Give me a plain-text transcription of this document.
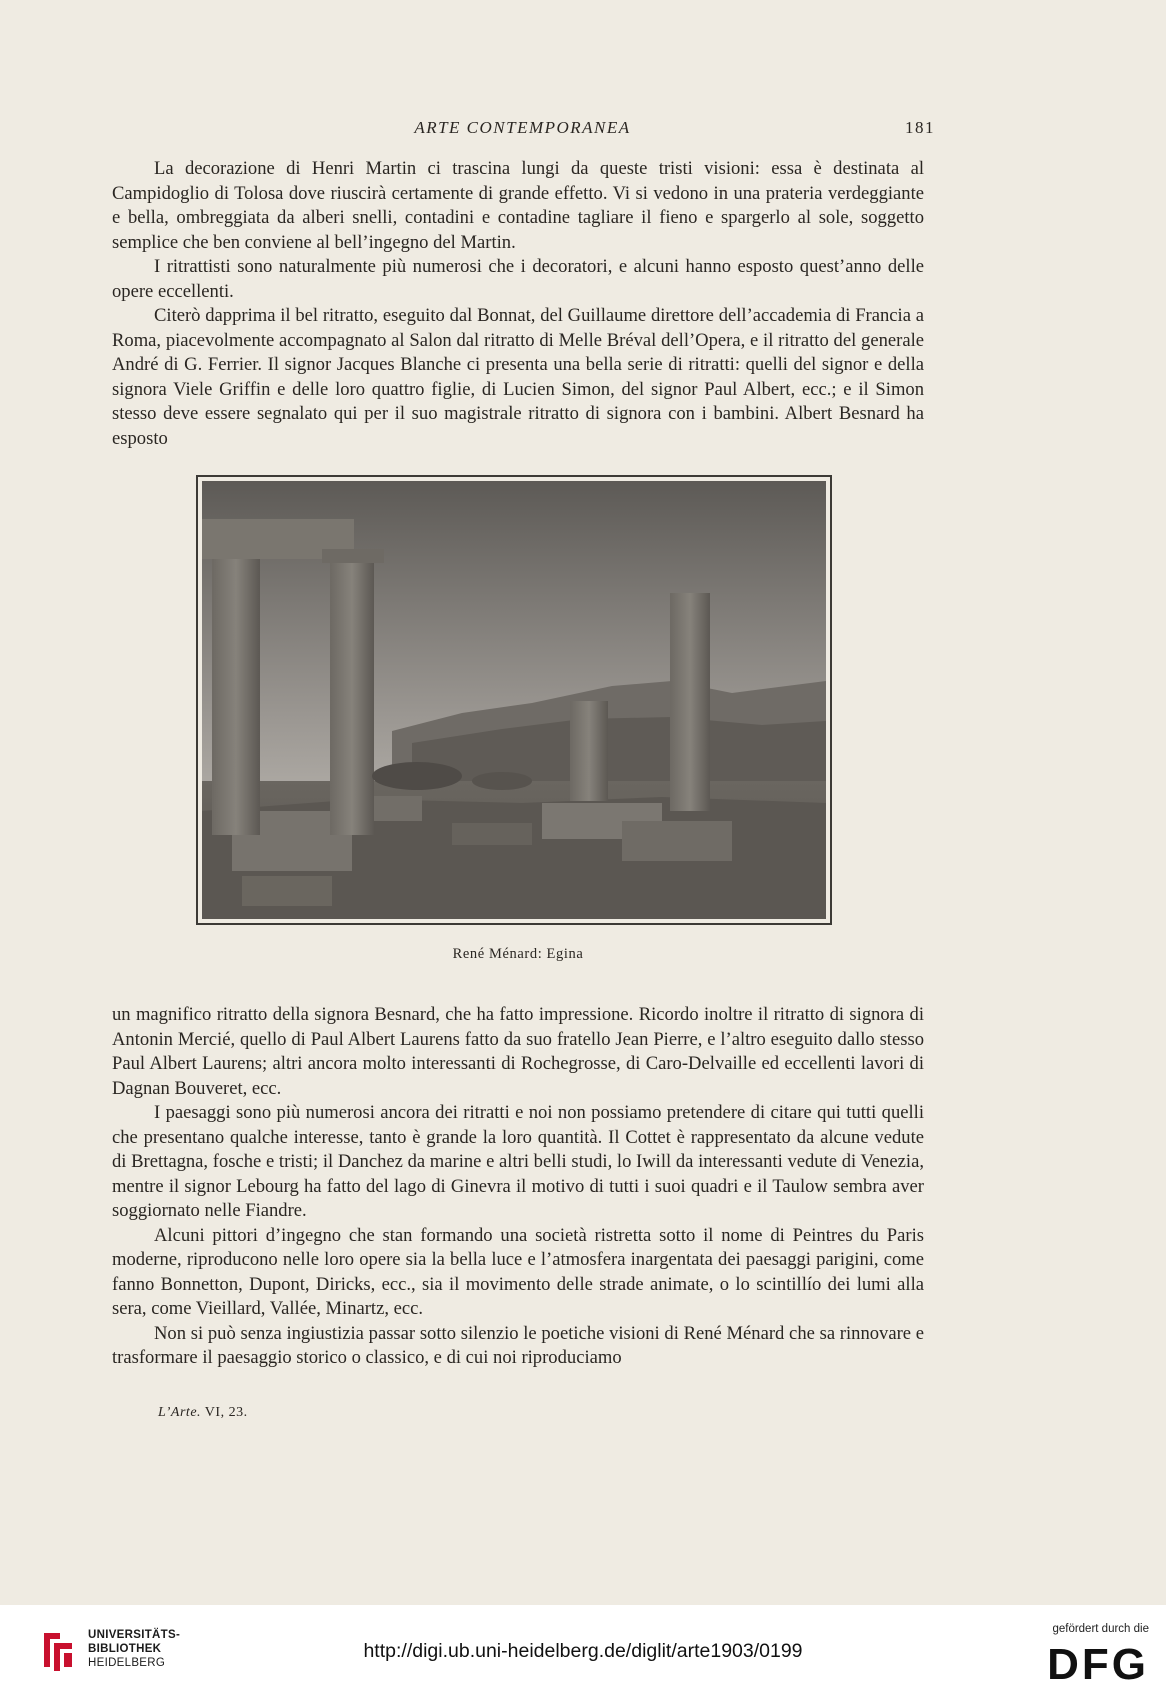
ARTE CONTEMPORANEA	181

La decorazione di Henri Martin ci trascina lungi da queste tristi visioni: essa è destinata al Campidoglio di Tolosa dove riuscirà certamente di grande effetto. Vi si vedono in una prateria verdeggiante e bella, ombreggiata da alberi snelli, contadini e contadine tagliare il fieno e spargerlo al sole, soggetto semplice che ben conviene al bell’ingegno del Martin.

I ritrattisti sono naturalmente più numerosi che i decoratori, e alcuni hanno esposto quest’anno delle opere eccellenti.

Citerò dapprima il bel ritratto, eseguito dal Bonnat, del Guillaume direttore dell’accademia di Francia a Roma, piacevolmente accompagnato al Salon dal ritratto di Melle Bréval dell’Opera, e il ritratto del generale André di G. Ferrier. Il signor Jacques Blanche ci presenta una bella serie di ritratti: quelli del signor e della signora Viele Griffin e delle loro quattro figlie, di Lucien Simon, del signor Paul Albert, ecc.; e il Simon stesso deve essere segnalato qui per il suo magistrale ritratto di signora con i bambini. Albert Besnard ha esposto

René Ménard: Egina

un magnifico ritratto della signora Besnard, che ha fatto impressione. Ricordo inoltre il ritratto di signora di Antonin Mercié, quello di Paul Albert Laurens fatto da suo fratello Jean Pierre, e l’altro eseguito dallo stesso Paul Albert Laurens; altri ancora molto interessanti di Rochegrosse, di Caro-Delvaille ed eccellenti lavori di Dagnan Bouveret, ecc.

I paesaggi sono più numerosi ancora dei ritratti e noi non possiamo pretendere di citare qui tutti quelli che presentano qualche interesse, tanto è grande la loro quantità. Il Cottet è rappresentato da alcune vedute di Brettagna, fosche e tristi; il Danchez da marine e altri belli studi, lo Iwill da interessanti vedute di Venezia, mentre il signor Lebourg ha fatto del lago di Ginevra il motivo di tutti i suoi quadri e il Taulow sembra aver soggiornato nelle Fiandre.

Alcuni pittori d’ingegno che stan formando una società ristretta sotto il nome di Peintres du Paris moderne, riproducono nelle loro opere sia la bella luce e l’atmosfera inargentata dei paesaggi parigini, come fanno Bonnetton, Dupont, Diricks, ecc., sia il movimento delle strade animate, o lo scintillío dei lumi alla sera, come Vieillard, Vallée, Minartz, ecc.

Non si può senza ingiustizia passar sotto silenzio le poetiche visioni di René Ménard che sa rinnovare e trasformare il paesaggio storico o classico, e di cui noi riproduciamo

L’Arte. VI, 23.
UNIVERSITÄTS-
BIBLIOTHEK
HEIDELBERG
http://digi.ub.uni-heidelberg.de/diglit/arte1903/0199
gefördert durch die
DFG
